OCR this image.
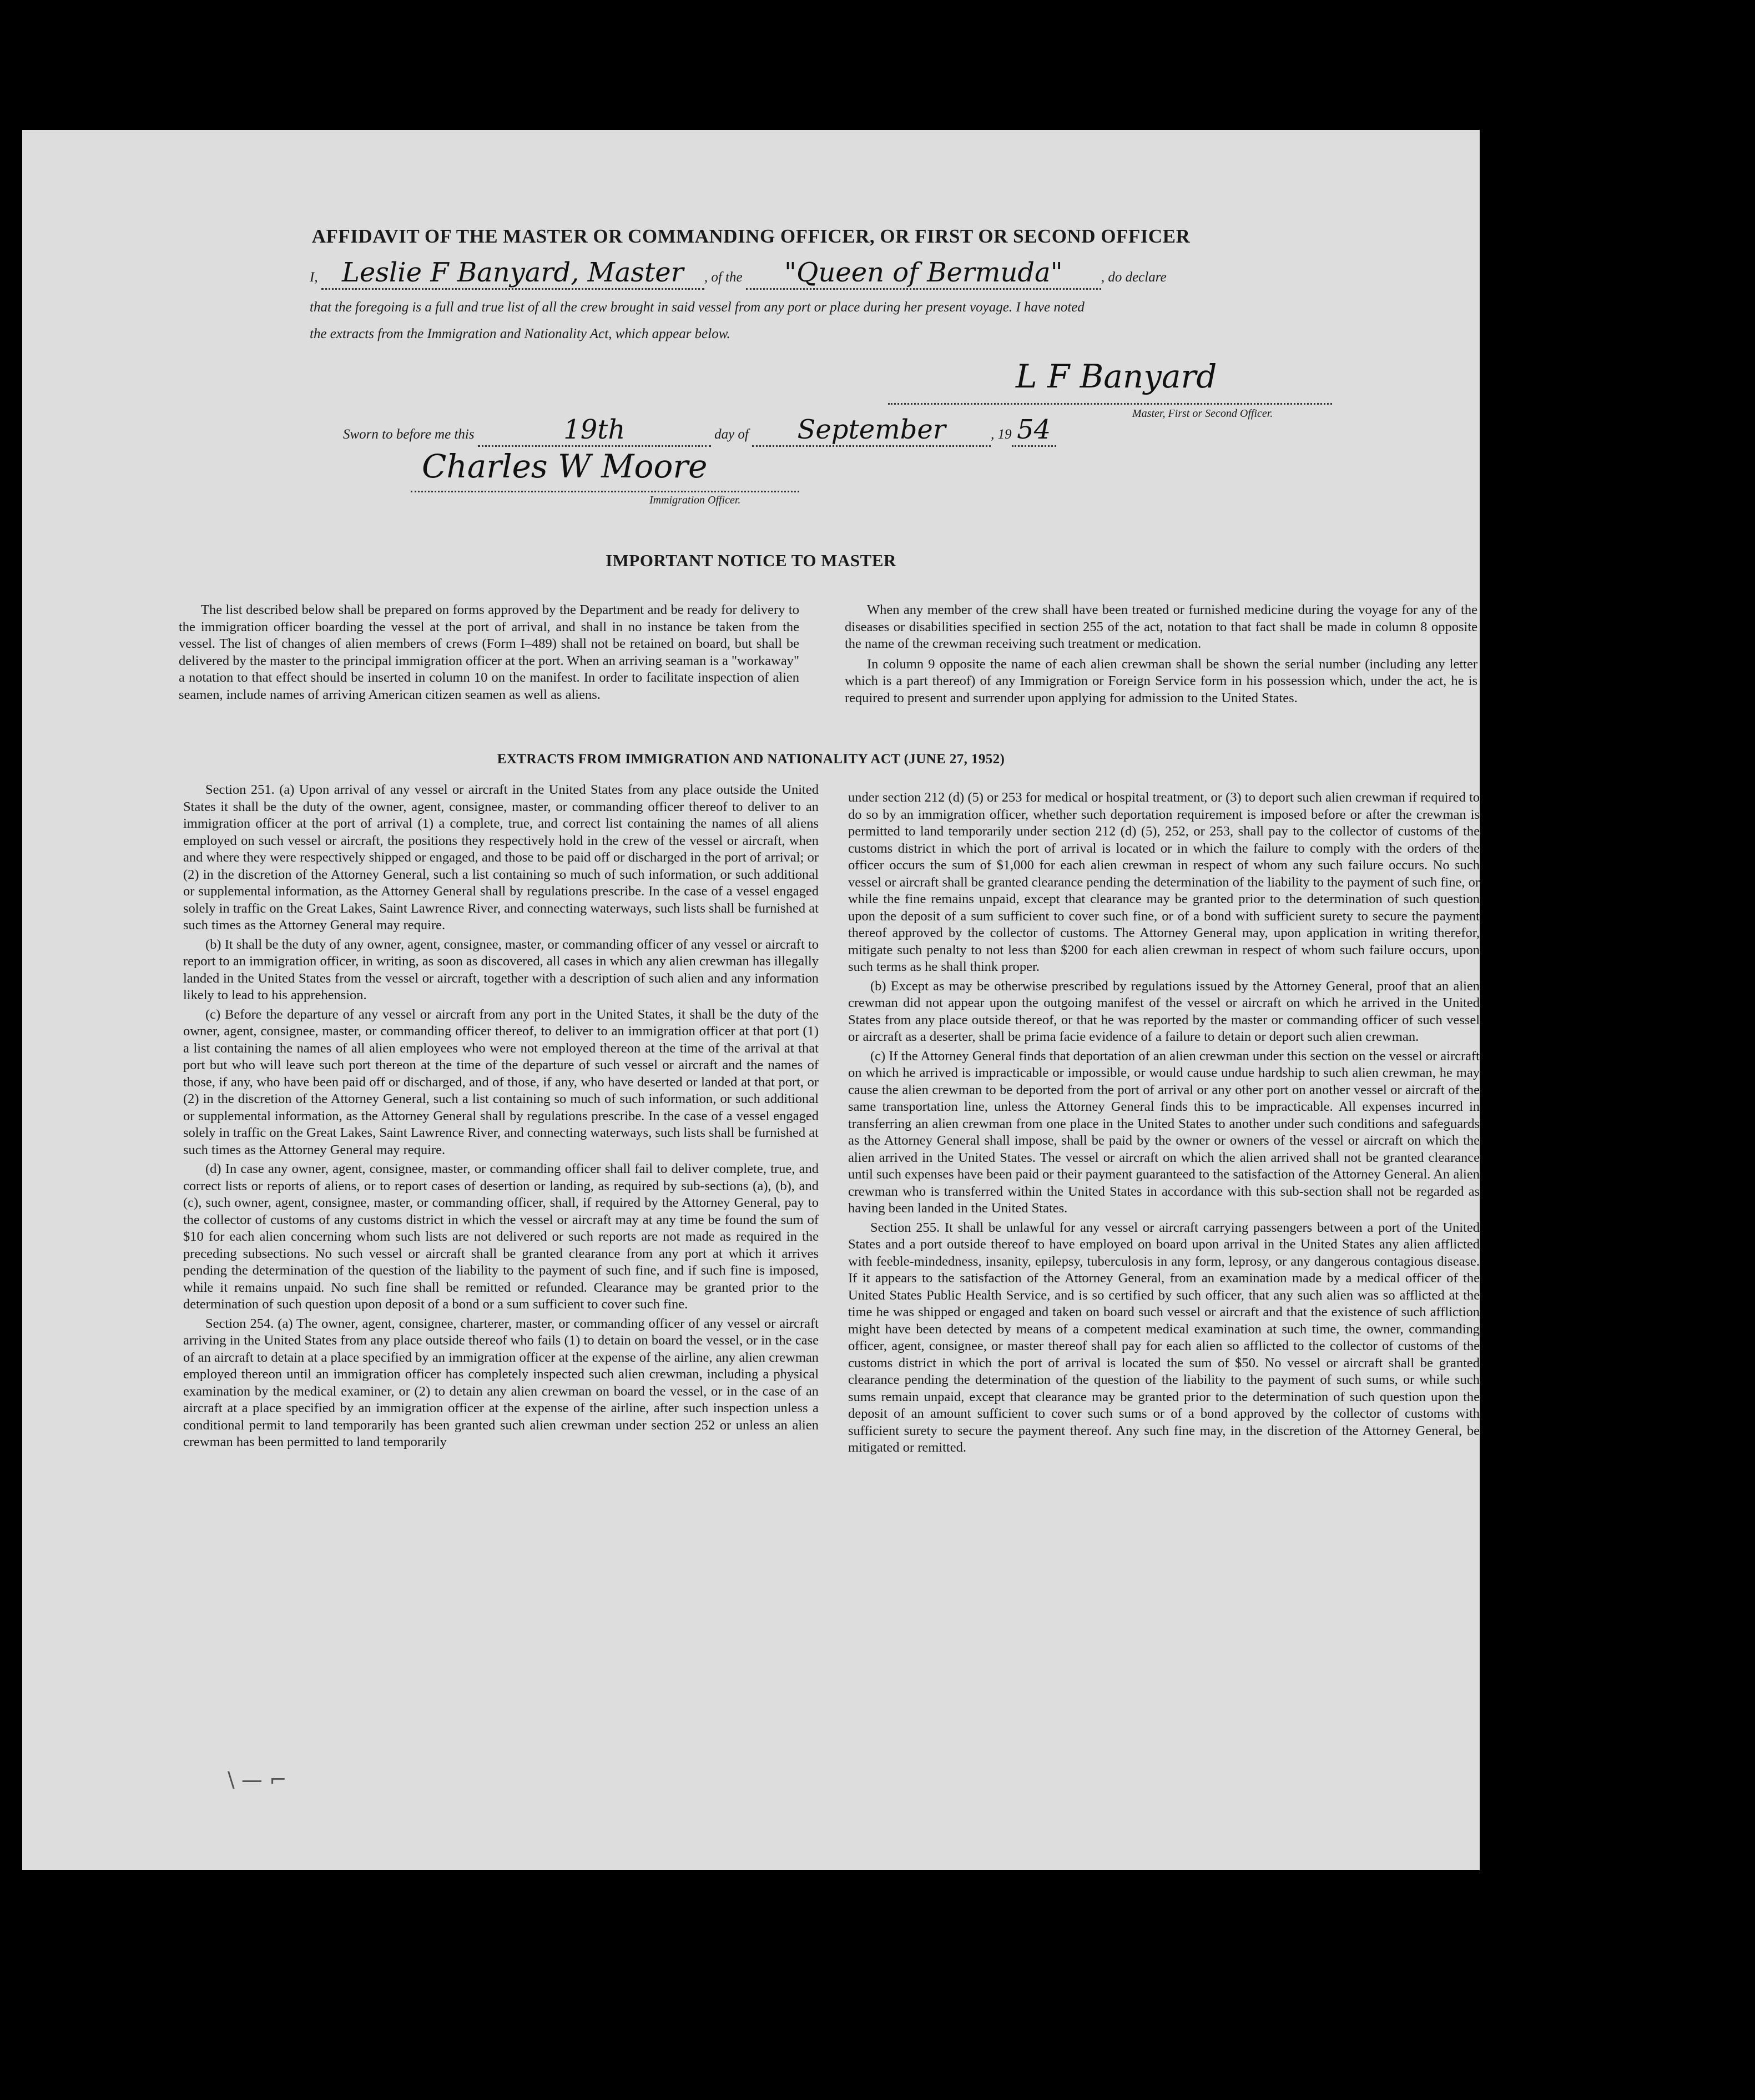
AFFIDAVIT OF THE MASTER OR COMMANDING OFFICER, OR FIRST OR SECOND OFFICER
I, Leslie F Banyard, Master , of the "Queen of Bermuda"	, do declare
that the foregoing is a full and true list of all the crew brought in said vessel from any port or place during her present voyage. I have noted
the extracts from the Immigration and Nationality Act, which appear below.
L F Banyard
Master, First or Second Officer.
Sworn to before me this	19th	day of September	, 19 54
Charles W Moore
Immigration Officer.
IMPORTANT NOTICE TO MASTER

The list described below shall be prepared on forms approved by the Department and be ready for delivery to the immigration officer boarding the vessel at the port of arrival, and shall in no instance be taken from the vessel. The list of changes of alien members of crews (Form I–489) shall not be retained on board, but shall be delivered by the master to the principal immigration officer at the port. When an arriving seaman is a "workaway" a notation to that effect should be inserted in column 10 on the manifest. In order to facilitate inspection of alien seamen, include names of arriving American citizen seamen as well as aliens.

When any member of the crew shall have been treated or furnished medicine during the voyage for any of the diseases or disabilities specified in section 255 of the act, notation to that fact shall be made in column 8 opposite the name of the crewman receiving such treatment or medication.

In column 9 opposite the name of each alien crewman shall be shown the serial number (including any letter which is a part thereof) of any Immigration or Foreign Service form in his possession which, under the act, he is required to present and surrender upon applying for admission to the United States.

EXTRACTS FROM IMMIGRATION AND NATIONALITY ACT (JUNE 27, 1952)

Section 251. (a) Upon arrival of any vessel or aircraft in the United States from any place outside the United States it shall be the duty of the owner, agent, consignee, master, or commanding officer thereof to deliver to an immigration officer at the port of arrival (1) a complete, true, and correct list containing the names of all aliens employed on such vessel or aircraft, the positions they respectively hold in the crew of the vessel or aircraft, when and where they were respectively shipped or engaged, and those to be paid off or discharged in the port of arrival; or (2) in the discretion of the Attorney General, such a list containing so much of such information, or such additional or supplemental information, as the Attorney General shall by regulations prescribe. In the case of a vessel engaged solely in traffic on the Great Lakes, Saint Lawrence River, and connecting waterways, such lists shall be furnished at such times as the Attorney General may require.

(b) It shall be the duty of any owner, agent, consignee, master, or commanding officer of any vessel or aircraft to report to an immigration officer, in writing, as soon as discovered, all cases in which any alien crewman has illegally landed in the United States from the vessel or aircraft, together with a description of such alien and any information likely to lead to his apprehension.

(c) Before the departure of any vessel or aircraft from any port in the United States, it shall be the duty of the owner, agent, consignee, master, or commanding officer thereof, to deliver to an immigration officer at that port (1) a list containing the names of all alien employees who were not employed thereon at the time of the arrival at that port but who will leave such port thereon at the time of the departure of such vessel or aircraft and the names of those, if any, who have been paid off or discharged, and of those, if any, who have deserted or landed at that port, or (2) in the discretion of the Attorney General, such a list containing so much of such information, or such additional or supplemental information, as the Attorney General shall by regulations prescribe. In the case of a vessel engaged solely in traffic on the Great Lakes, Saint Lawrence River, and connecting waterways, such lists shall be furnished at such times as the Attorney General may require.

(d) In case any owner, agent, consignee, master, or commanding officer shall fail to deliver complete, true, and correct lists or reports of aliens, or to report cases of desertion or landing, as required by sub-sections (a), (b), and (c), such owner, agent, consignee, master, or commanding officer, shall, if required by the Attorney General, pay to the collector of customs of any customs district in which the vessel or aircraft may at any time be found the sum of $10 for each alien concerning whom such lists are not delivered or such reports are not made as required in the preceding subsections. No such vessel or aircraft shall be granted clearance from any port at which it arrives pending the determination of the question of the liability to the payment of such fine, and if such fine is imposed, while it remains unpaid. No such fine shall be remitted or refunded. Clearance may be granted prior to the determination of such question upon deposit of a bond or a sum sufficient to cover such fine.

Section 254. (a) The owner, agent, consignee, charterer, master, or commanding officer of any vessel or aircraft arriving in the United States from any place outside thereof who fails (1) to detain on board the vessel, or in the case of an aircraft to detain at a place specified by an immigration officer at the expense of the airline, any alien crewman employed thereon until an immigration officer has completely inspected such alien crewman, including a physical examination by the medical examiner, or (2) to detain any alien crewman on board the vessel, or in the case of an aircraft at a place specified by an immigration officer at the expense of the airline, after such inspection unless a conditional permit to land temporarily has been granted such alien crewman under section 252 or unless an alien crewman has been permitted to land temporarily

under section 212 (d) (5) or 253 for medical or hospital treatment, or (3) to deport such alien crewman if required to do so by an immigration officer, whether such deportation requirement is imposed before or after the crewman is permitted to land temporarily under section 212 (d) (5), 252, or 253, shall pay to the collector of customs of the customs district in which the port of arrival is located or in which the failure to comply with the orders of the officer occurs the sum of $1,000 for each alien crewman in respect of whom any such failure occurs. No such vessel or aircraft shall be granted clearance pending the determination of the liability to the payment of such fine, or while the fine remains unpaid, except that clearance may be granted prior to the determination of such question upon the deposit of a sum sufficient to cover such fine, or of a bond with sufficient surety to secure the payment thereof approved by the collector of customs. The Attorney General may, upon application in writing therefor, mitigate such penalty to not less than $200 for each alien crewman in respect of whom such failure occurs, upon such terms as he shall think proper.

(b) Except as may be otherwise prescribed by regulations issued by the Attorney General, proof that an alien crewman did not appear upon the outgoing manifest of the vessel or aircraft on which he arrived in the United States from any place outside thereof, or that he was reported by the master or commanding officer of such vessel or aircraft as a deserter, shall be prima facie evidence of a failure to detain or deport such alien crewman.

(c) If the Attorney General finds that deportation of an alien crewman under this section on the vessel or aircraft on which he arrived is impracticable or impossible, or would cause undue hardship to such alien crewman, he may cause the alien crewman to be deported from the port of arrival or any other port on another vessel or aircraft of the same transportation line, unless the Attorney General finds this to be impracticable. All expenses incurred in transferring an alien crewman from one place in the United States to another under such conditions and safeguards as the Attorney General shall impose, shall be paid by the owner or owners of the vessel or aircraft on which the alien arrived in the United States. The vessel or aircraft on which the alien arrived shall not be granted clearance until such expenses have been paid or their payment guaranteed to the satisfaction of the Attorney General. An alien crewman who is transferred within the United States in accordance with this sub-section shall not be regarded as having been landed in the United States.

Section 255. It shall be unlawful for any vessel or aircraft carrying passengers between a port of the United States and a port outside thereof to have employed on board upon arrival in the United States any alien afflicted with feeble-mindedness, insanity, epilepsy, tuberculosis in any form, leprosy, or any dangerous contagious disease. If it appears to the satisfaction of the Attorney General, from an examination made by a medical officer of the United States Public Health Service, and is so certified by such officer, that any such alien was so afflicted at the time he was shipped or engaged and taken on board such vessel or aircraft and that the existence of such affliction might have been detected by means of a competent medical examination at such time, the owner, commanding officer, agent, consignee, or master thereof shall pay for each alien so afflicted to the collector of customs of the customs district in which the port of arrival is located the sum of $50. No vessel or aircraft shall be granted clearance pending the determination of the question of the liability to the payment of such sums, or while such sums remain unpaid, except that clearance may be granted prior to the determination of such question upon the deposit of an amount sufficient to cover such sums or of a bond approved by the collector of customs with sufficient surety to secure the payment thereof. Any such fine may, in the discretion of the Attorney General, be mitigated or remitted.

\ — ⌐
